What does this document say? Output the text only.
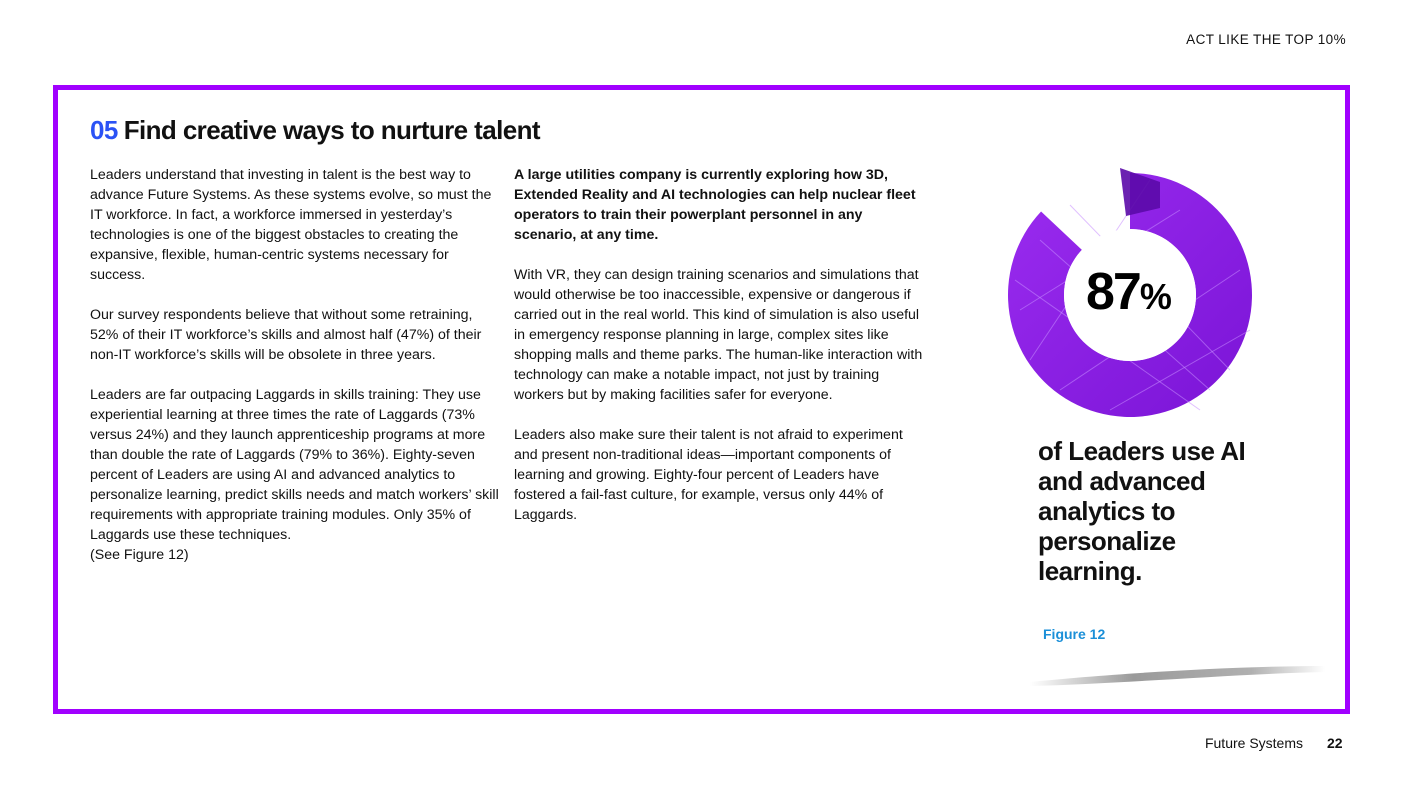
ACT LIKE THE TOP 10%
05 Find creative ways to nurture talent

Leaders understand that investing in talent is the best way to advance Future Systems. As these systems evolve, so must the IT workforce. In fact, a workforce immersed in yesterday’s technologies is one of the biggest obstacles to creating the expansive, flexible, human-centric systems necessary for success.

Our survey respondents believe that without some retraining, 52% of their IT workforce’s skills and almost half (47%) of their non-IT workforce’s skills will be obsolete in three years.

Leaders are far outpacing Laggards in skills training: They use experiential learning at three times the rate of Laggards (73% versus 24%) and they launch apprenticeship programs at more than double the rate of Laggards (79% to 36%). Eighty-seven percent of Leaders are using AI and advanced analytics to personalize learning, predict skills needs and match workers’ skill requirements with appropriate training modules. Only 35% of Laggards use these techniques.

(See Figure 12)

A large utilities company is currently exploring how 3D, Extended Reality and AI technologies can help nuclear fleet operators to train their powerplant personnel in any scenario, at any time.

With VR, they can design training scenarios and simulations that would otherwise be too inaccessible, expensive or dangerous if carried out in the real world. This kind of simulation is also useful in emergency response planning in large, complex sites like shopping malls and theme parks. The human-like interaction with technology can make a notable impact, not just by training workers but by making facilities safer for everyone.

Leaders also make sure their talent is not afraid to experiment and present non-traditional ideas—important components of learning and growing. Eighty-four percent of Leaders have fostered a fail-fast culture, for example, versus only 44% of Laggards.

87%

of Leaders use AI and advanced analytics to personalize learning.

Figure 12
Future Systems 22
